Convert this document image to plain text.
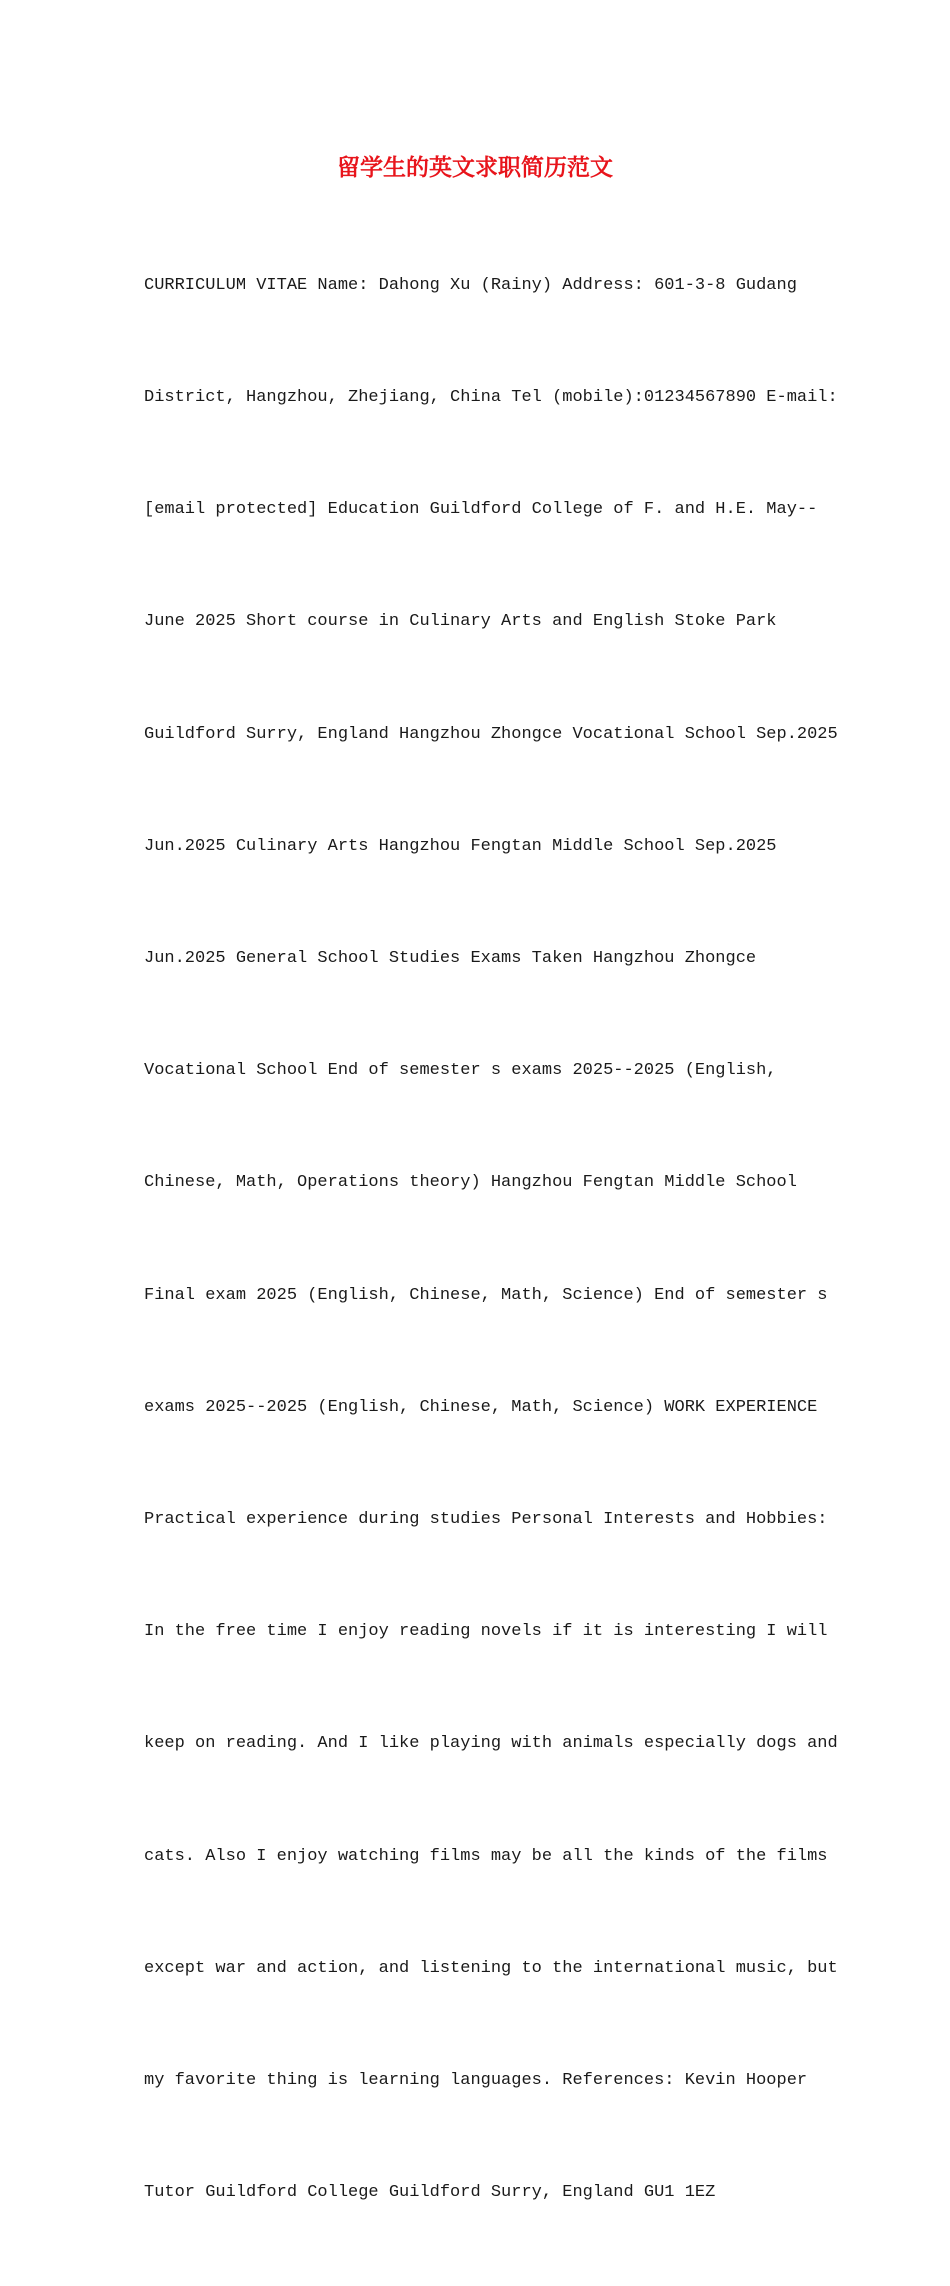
留学生的英文求职简历范文

CURRICULUM VITAE Name: Dahong Xu (Rainy) Address: 601-3-8 Gudang

District, Hangzhou, Zhejiang, China Tel (mobile):01234567890 E-mail:

[email protected] Education Guildford College of F. and H.E. May--

June 2025 Short course in Culinary Arts and English Stoke Park

Guildford Surry, England Hangzhou Zhongce Vocational School Sep.2025

Jun.2025 Culinary Arts Hangzhou Fengtan Middle School Sep.2025

Jun.2025 General School Studies Exams Taken Hangzhou Zhongce

Vocational School End of semester s exams 2025--2025 (English,

Chinese, Math, Operations theory) Hangzhou Fengtan Middle School

Final exam 2025 (English, Chinese, Math, Science) End of semester s

exams 2025--2025 (English, Chinese, Math, Science) WORK EXPERIENCE

Practical experience during studies Personal Interests and Hobbies:

In the free time I enjoy reading novels if it is interesting I will

keep on reading. And I like playing with animals especially dogs and

cats. Also I enjoy watching films may be all the kinds of the films

except war and action, and listening to the international music, but

my favorite thing is learning languages. References: Kevin Hooper

Tutor Guildford College Guildford Surry, England GU1 1EZ
